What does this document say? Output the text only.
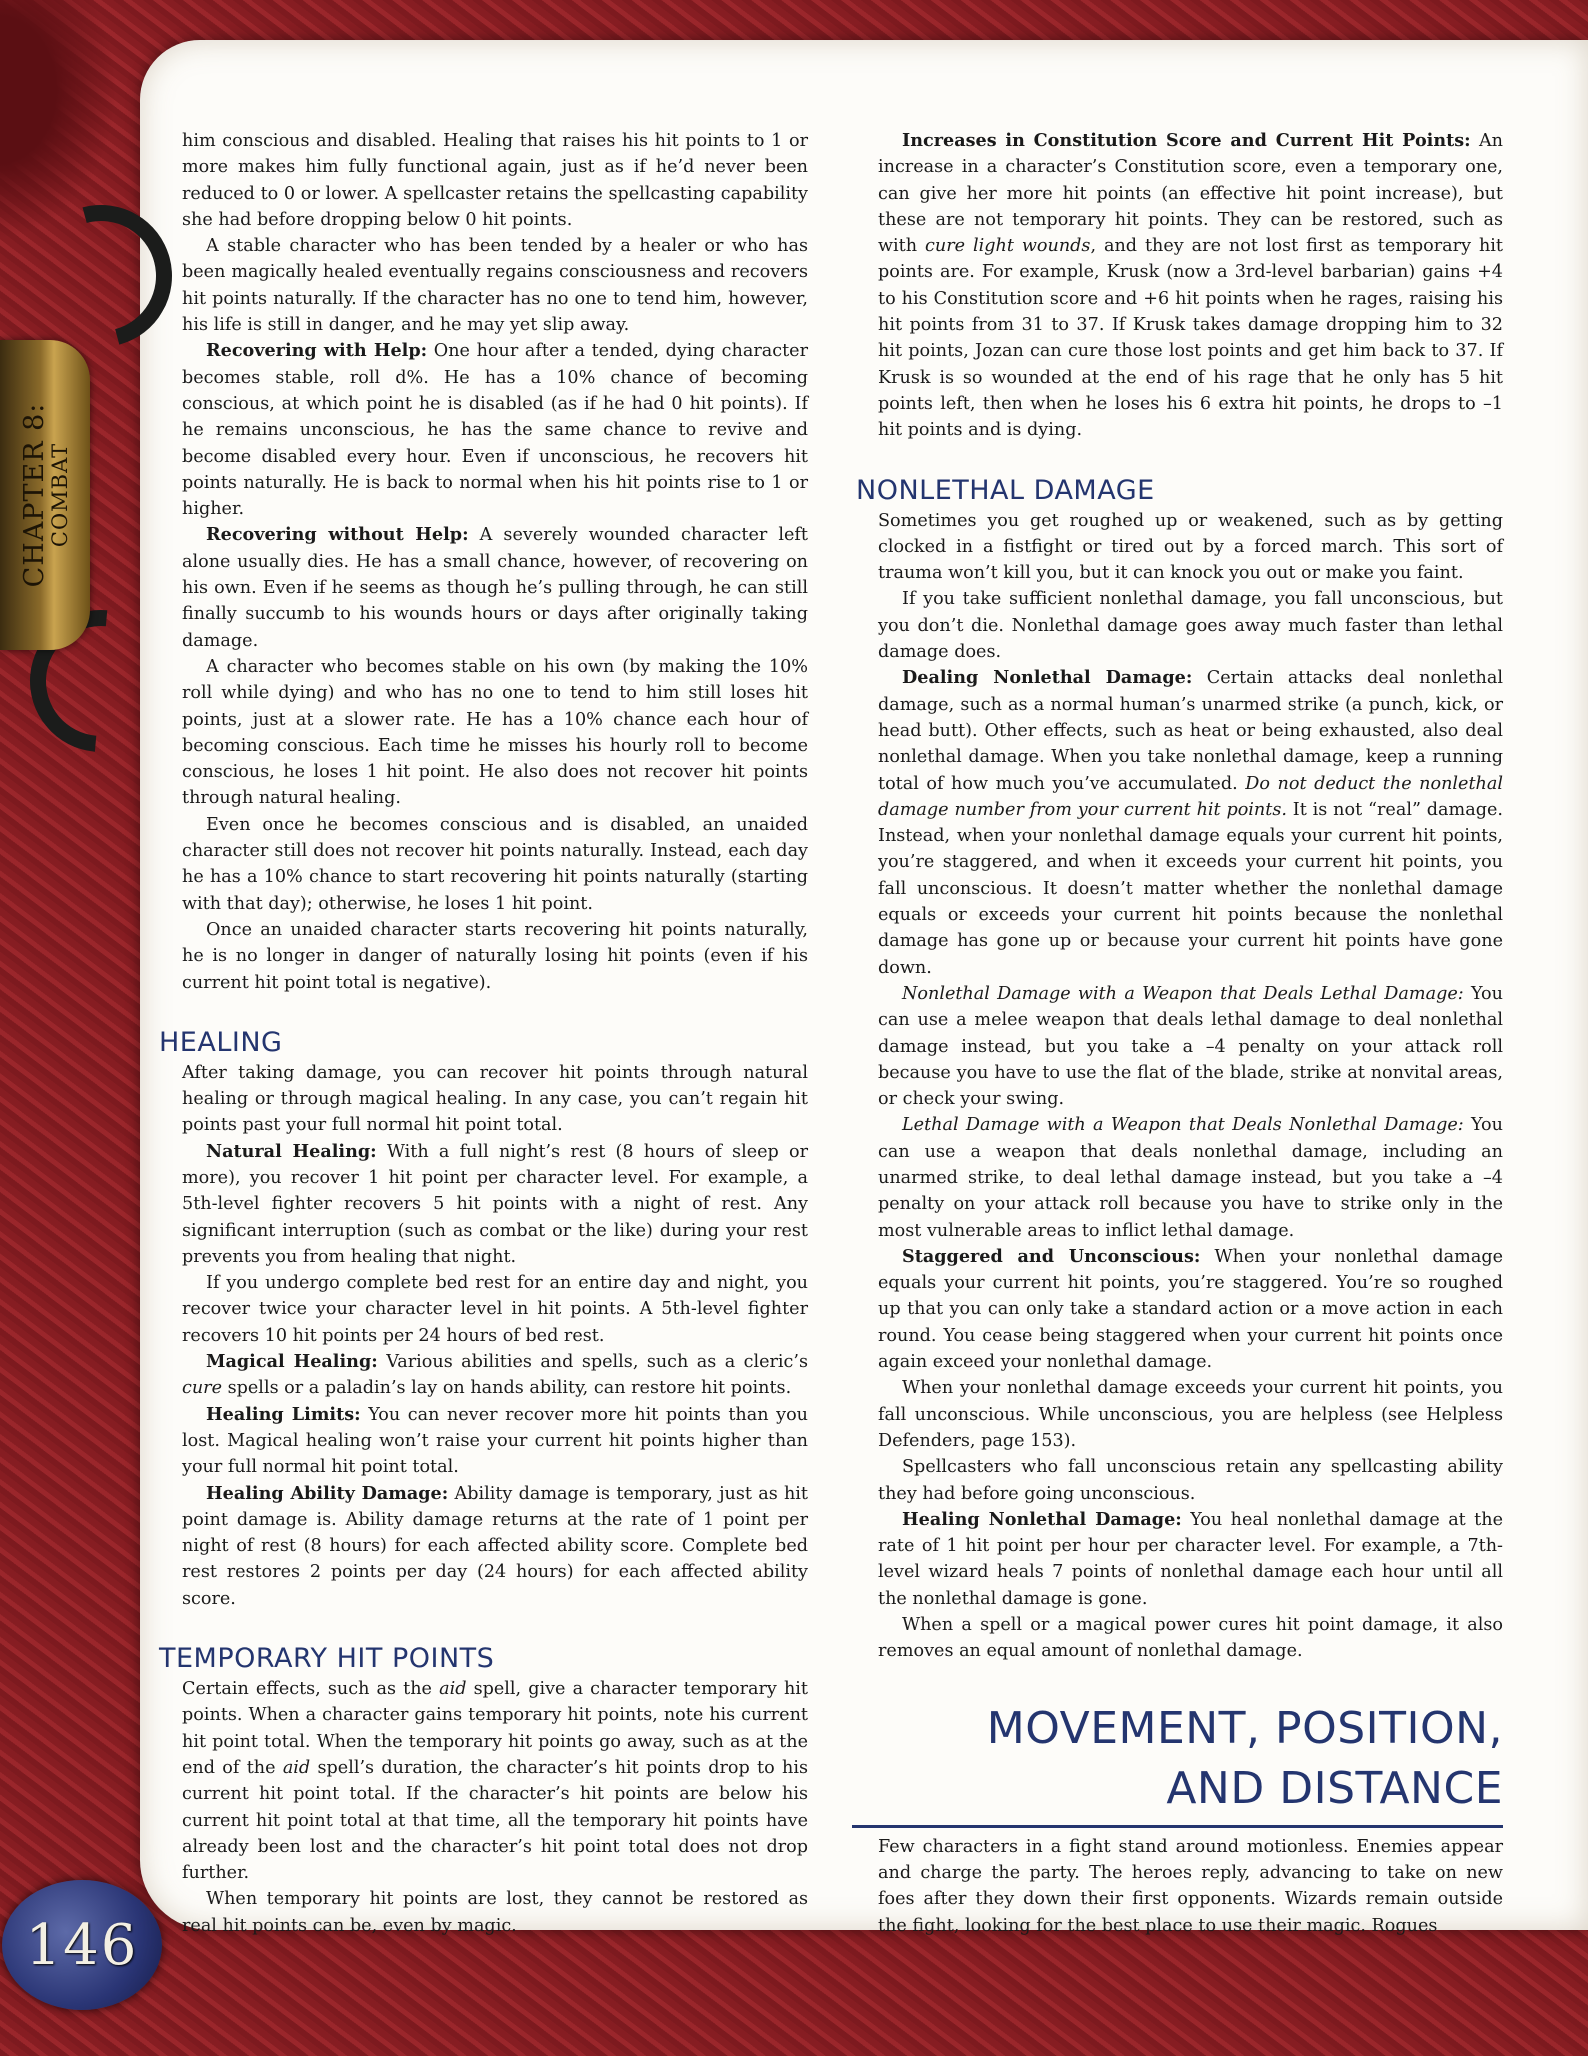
CHAPTER 8:
COMBAT
146

him conscious and disabled. Healing that raises his hit points to 1 or more makes him fully functional again, just as if he’d never been reduced to 0 or lower. A spellcaster retains the spellcasting capability she had before dropping below 0 hit points.

A stable character who has been tended by a healer or who has been magically healed eventually regains consciousness and recovers hit points naturally. If the character has no one to tend him, however, his life is still in danger, and he may yet slip away.

Recovering with Help: One hour after a tended, dying character becomes stable, roll d%. He has a 10% chance of becoming conscious, at which point he is disabled (as if he had 0 hit points). If he remains unconscious, he has the same chance to revive and become disabled every hour. Even if unconscious, he recovers hit points naturally. He is back to normal when his hit points rise to 1 or higher.

Recovering without Help: A severely wounded character left alone usually dies. He has a small chance, however, of recovering on his own. Even if he seems as though he’s pulling through, he can still finally succumb to his wounds hours or days after originally taking damage.

A character who becomes stable on his own (by making the 10% roll while dying) and who has no one to tend to him still loses hit points, just at a slower rate. He has a 10% chance each hour of becoming conscious. Each time he misses his hourly roll to become conscious, he loses 1 hit point. He also does not recover hit points through natural healing.

Even once he becomes conscious and is disabled, an unaided character still does not recover hit points naturally. Instead, each day he has a 10% chance to start recovering hit points naturally (starting with that day); otherwise, he loses 1 hit point.

Once an unaided character starts recovering hit points naturally, he is no longer in danger of naturally losing hit points (even if his current hit point total is negative).

HEALING

After taking damage, you can recover hit points through natural healing or through magical healing. In any case, you can’t regain hit points past your full normal hit point total.

Natural Healing: With a full night’s rest (8 hours of sleep or more), you recover 1 hit point per character level. For example, a 5th-level fighter recovers 5 hit points with a night of rest. Any significant interruption (such as combat or the like) during your rest prevents you from healing that night.

If you undergo complete bed rest for an entire day and night, you recover twice your character level in hit points. A 5th-level fighter recovers 10 hit points per 24 hours of bed rest.

Magical Healing: Various abilities and spells, such as a cleric’s cure spells or a paladin’s lay on hands ability, can restore hit points.

Healing Limits: You can never recover more hit points than you lost. Magical healing won’t raise your current hit points higher than your full normal hit point total.

Healing Ability Damage: Ability damage is temporary, just as hit point damage is. Ability damage returns at the rate of 1 point per night of rest (8 hours) for each affected ability score. Complete bed rest restores 2 points per day (24 hours) for each affected ability score.

TEMPORARY HIT POINTS

Certain effects, such as the aid spell, give a character temporary hit points. When a character gains temporary hit points, note his current hit point total. When the temporary hit points go away, such as at the end of the aid spell’s duration, the character’s hit points drop to his current hit point total. If the character’s hit points are below his current hit point total at that time, all the temporary hit points have already been lost and the character’s hit point total does not drop further.

When temporary hit points are lost, they cannot be restored as real hit points can be, even by magic.

Increases in Constitution Score and Current Hit Points: An increase in a character’s Constitution score, even a temporary one, can give her more hit points (an effective hit point increase), but these are not temporary hit points. They can be restored, such as with cure light wounds, and they are not lost first as temporary hit points are. For example, Krusk (now a 3rd-level barbarian) gains +4 to his Constitution score and +6 hit points when he rages, raising his hit points from 31 to 37. If Krusk takes damage dropping him to 32 hit points, Jozan can cure those lost points and get him back to 37. If Krusk is so wounded at the end of his rage that he only has 5 hit points left, then when he loses his 6 extra hit points, he drops to –1 hit points and is dying.

NONLETHAL DAMAGE

Sometimes you get roughed up or weakened, such as by getting clocked in a fistfight or tired out by a forced march. This sort of trauma won’t kill you, but it can knock you out or make you faint.

If you take sufficient nonlethal damage, you fall unconscious, but you don’t die. Nonlethal damage goes away much faster than lethal damage does.

Dealing Nonlethal Damage: Certain attacks deal nonlethal damage, such as a normal human’s unarmed strike (a punch, kick, or head butt). Other effects, such as heat or being exhausted, also deal nonlethal damage. When you take nonlethal damage, keep a running total of how much you’ve accumulated. Do not deduct the nonlethal damage number from your current hit points. It is not “real” damage. Instead, when your nonlethal damage equals your current hit points, you’re staggered, and when it exceeds your current hit points, you fall unconscious. It doesn’t matter whether the nonlethal damage equals or exceeds your current hit points because the nonlethal damage has gone up or because your current hit points have gone down.

Nonlethal Damage with a Weapon that Deals Lethal Damage: You can use a melee weapon that deals lethal damage to deal nonlethal damage instead, but you take a –4 penalty on your attack roll because you have to use the flat of the blade, strike at nonvital areas, or check your swing.

Lethal Damage with a Weapon that Deals Nonlethal Damage: You can use a weapon that deals nonlethal damage, including an unarmed strike, to deal lethal damage instead, but you take a –4 penalty on your attack roll because you have to strike only in the most vulnerable areas to inflict lethal damage.

Staggered and Unconscious: When your nonlethal damage equals your current hit points, you’re staggered. You’re so roughed up that you can only take a standard action or a move action in each round. You cease being staggered when your current hit points once again exceed your nonlethal damage.

When your nonlethal damage exceeds your current hit points, you fall unconscious. While unconscious, you are helpless (see Helpless Defenders, page 153).

Spellcasters who fall unconscious retain any spellcasting ability they had before going unconscious.

Healing Nonlethal Damage: You heal nonlethal damage at the rate of 1 hit point per hour per character level. For example, a 7th-level wizard heals 7 points of nonlethal damage each hour until all the nonlethal damage is gone.

When a spell or a magical power cures hit point damage, it also removes an equal amount of nonlethal damage.

MOVEMENT, POSITION,
AND DISTANCE

Few characters in a fight stand around motionless. Enemies appear and charge the party. The heroes reply, advancing to take on new foes after they down their first opponents. Wizards remain outside the fight, looking for the best place to use their magic. Rogues
